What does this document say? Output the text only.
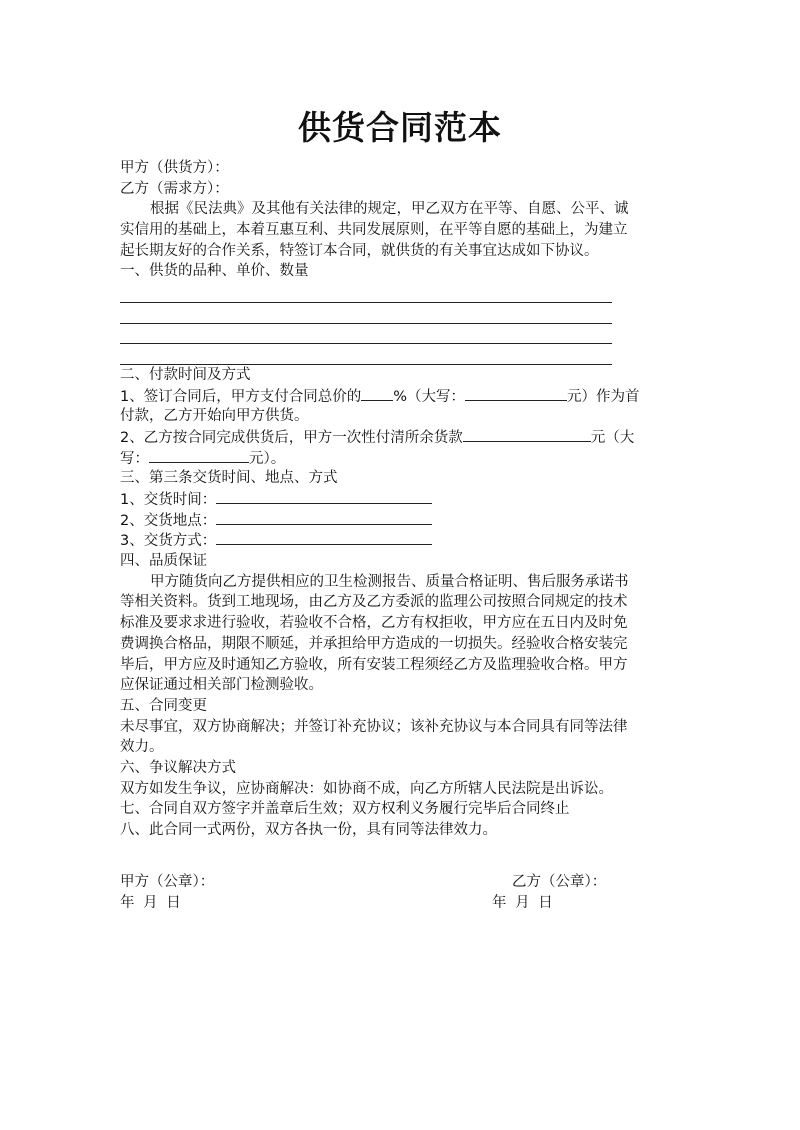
供货合同范本
甲方（供货方）：
乙方（需求方）：
根据《民法典》及其他有关法律的规定，甲乙双方在平等、自愿、公平、诚
实信用的基础上，本着互惠互利、共同发展原则，在平等自愿的基础上，为建立
起长期友好的合作关系，特签订本合同，就供货的有关事宜达成如下协议。
一、供货的品种、单价、数量
二、付款时间及方式
1、签订合同后，甲方支付合同总价的 %（大写：	元）作为首
付款，乙方开始向甲方供货。
2、乙方按合同完成供货后，甲方一次性付清所余货款	元（大
写：	元）。
三、第三条交货时间、地点、方式
1、交货时间：
2、交货地点：
3、交货方式：
四、品质保证
甲方随货向乙方提供相应的卫生检测报告、质量合格证明、售后服务承诺书
等相关资料。货到工地现场，由乙方及乙方委派的监理公司按照合同规定的技术
标准及要求求进行验收，若验收不合格，乙方有权拒收，甲方应在五日内及时免
费调换合格品，期限不顺延，并承担给甲方造成的一切损失。经验收合格安装完
毕后，甲方应及时通知乙方验收，所有安装工程须经乙方及监理验收合格。甲方
应保证通过相关部门检测验收。
五、合同变更
未尽事宜，双方协商解决；并签订补充协议；该补充协议与本合同具有同等法律
效力。
六、争议解决方式
双方如发生争议，应协商解决：如协商不成，向乙方所辖人民法院是出诉讼。
七、合同自双方签字并盖章后生效；双方权利义务履行完毕后合同终止
八、此合同一式两份，双方各执一份，具有同等法律效力。
甲方（公章）：	乙方（公章）：
年 月 日	年 月 日
